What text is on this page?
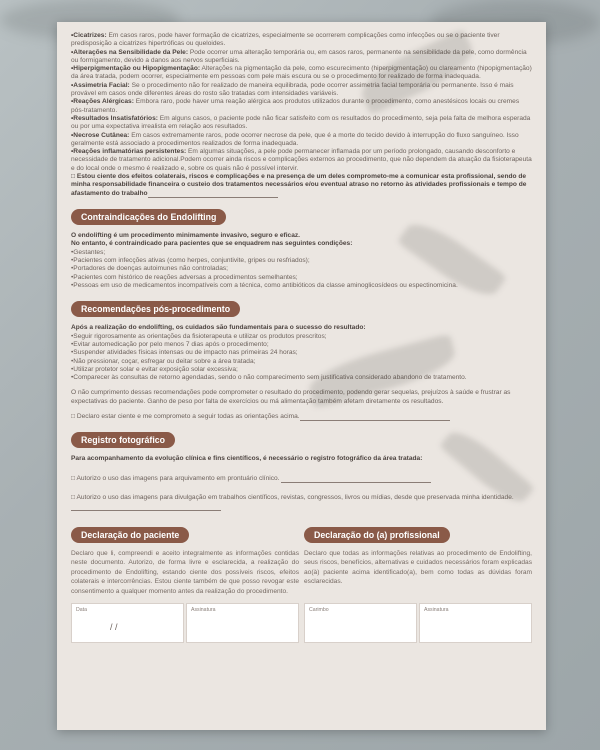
•Cicatrizes: Em casos raros, pode haver formação de cicatrizes, especialmente se ocorrerem complicações como infecções ou se o paciente tiver predisposição a cicatrizes hipertróficas ou queloides.

•Alterações na Sensibilidade da Pele: Pode ocorrer uma alteração temporária ou, em casos raros, permanente na sensibilidade da pele, como dormência ou formigamento, devido a danos aos nervos superficiais.

•Hiperpigmentação ou Hipopigmentação: Alterações na pigmentação da pele, como escurecimento (hiperpigmentação) ou clareamento (hipopigmentação) da área tratada, podem ocorrer, especialmente em pessoas com pele mais escura ou se o procedimento for realizado de forma inadequada.

•Assimetria Facial: Se o procedimento não for realizado de maneira equilibrada, pode ocorrer assimetria facial temporária ou permanente. Isso é mais provável em casos onde diferentes áreas do rosto são tratadas com intensidades variáveis.

•Reações Alérgicas: Embora raro, pode haver uma reação alérgica aos produtos utilizados durante o procedimento, como anestésicos locais ou cremes pós-tratamento.

•Resultados Insatisfatórios: Em alguns casos, o paciente pode não ficar satisfeito com os resultados do procedimento, seja pela falta de melhora esperada ou por uma expectativa irrealista em relação aos resultados.

•Necrose Cutânea: Em casos extremamente raros, pode ocorrer necrose da pele, que é a morte do tecido devido à interrupção do fluxo sanguíneo. Isso geralmente está associado a procedimentos realizados de forma inadequada.

•Reações inflamatórias persistentes: Em algumas situações, a pele pode permanecer inflamada por um período prolongado, causando desconforto e necessidade de tratamento adicional.Podem ocorrer ainda riscos e complicações externos ao procedimento, que não dependem da atuação da fisioterapeuta e do local onde o mesmo é realizado e, sobre os quais não é possível intervir.

□ Estou ciente dos efeitos colaterais, riscos e complicações e na presença de um deles comprometo-me a comunicar esta profissional, sendo de minha responsabilidade financeira o custeio dos tratamentos necessários e/ou eventual atraso no retorno às atividades profissionais e tempo de afastamento do trabalho

Contraindicações do Endolifting

O endolifting é um procedimento minimamente invasivo, seguro e eficaz.

No entanto, é contraindicado para pacientes que se enquadrem nas seguintes condições:

•Gestantes;

•Pacientes com infecções ativas (como herpes, conjuntivite, gripes ou resfriados);

•Portadores de doenças autoimunes não controladas;

•Pacientes com histórico de reações adversas a procedimentos semelhantes;

•Pessoas em uso de medicamentos incompatíveis com a técnica, como antibióticos da classe aminoglicosídeos ou espectinomicina.

Recomendações pós-procedimento

Após a realização do endolifting, os cuidados são fundamentais para o sucesso do resultado:

•Seguir rigorosamente as orientações da fisioterapeuta e utilizar os produtos prescritos;

•Evitar automedicação por pelo menos 7 dias após o procedimento;

•Suspender atividades físicas intensas ou de impacto nas primeiras 24 horas;

•Não pressionar, coçar, esfregar ou deitar sobre a área tratada;

•Utilizar protetor solar e evitar exposição solar excessiva;

•Comparecer às consultas de retorno agendadas, sendo o não comparecimento sem justificativa considerado abandono de tratamento.

O não cumprimento dessas recomendações pode comprometer o resultado do procedimento, podendo gerar sequelas, prejuízos à saúde e frustrar as expectativas do paciente. Ganho de peso por falta de exercícios ou má alimentação também afetam diretamente os resultados.

□ Declaro estar ciente e me comprometo a seguir todas as orientações acima.

Registro fotográfico

Para acompanhamento da evolução clínica e fins científicos, é necessário o registro fotográfico da área tratada:

□ Autorizo o uso das imagens para arquivamento em prontuário clínico.

□ Autorizo o uso das imagens para divulgação em trabalhos científicos, revistas, congressos, livros ou mídias, desde que preservada minha identidade.

Declaração do paciente

Declaro que li, compreendi e aceito integralmente as informações contidas neste documento. Autorizo, de forma livre e esclarecida, a realização do procedimento de Endolifting, estando ciente dos possíveis riscos, efeitos colaterais e intercorrências. Estou ciente também de que posso revogar este consentimento a qualquer momento antes da realização do procedimento.

Declaração do (a) profissional

Declaro que todas as informações relativas ao procedimento de Endolifting, seus riscos, benefícios, alternativas e cuidados necessários foram explicadas ao(à) paciente acima identificado(a), bem como todas as dúvidas foram esclarecidas.

Data
/ /
Assinatura	Carimbo	Assinatura
